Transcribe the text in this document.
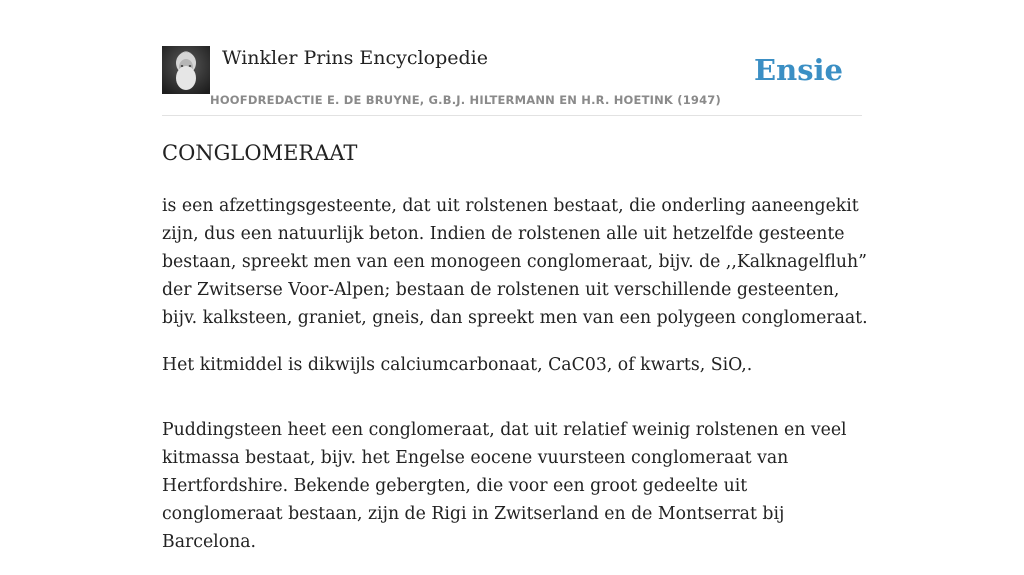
Winkler Prins Encyclopedie
HOOFDREDACTIE E. DE BRUYNE, G.B.J. HILTERMANN EN H.R. HOETINK (1947)
Ensie
CONGLOMERAAT

is een afzettingsgesteente, dat uit rolstenen bestaat, die onderling aaneengekit zijn, dus een natuurlijk beton. Indien de rolstenen alle uit hetzelfde gesteente bestaan, spreekt men van een monogeen conglomeraat, bijv. de ,,Kalknagelfluh” der Zwitserse Voor-Alpen; bestaan de rolstenen uit verschillende gesteenten, bijv. kalksteen, graniet, gneis, dan spreekt men van een polygeen conglomeraat.

Het kitmiddel is dikwijls calciumcarbonaat, CaC03, of kwarts, SiO,.

Puddingsteen heet een conglomeraat, dat uit relatief weinig rolstenen en veel kitmassa bestaat, bijv. het Engelse eocene vuursteen conglomeraat van Hertfordshire. Bekende gebergten, die voor een groot gedeelte uit conglomeraat bestaan, zijn de Rigi in Zwitserland en de Montserrat bij Barcelona.
